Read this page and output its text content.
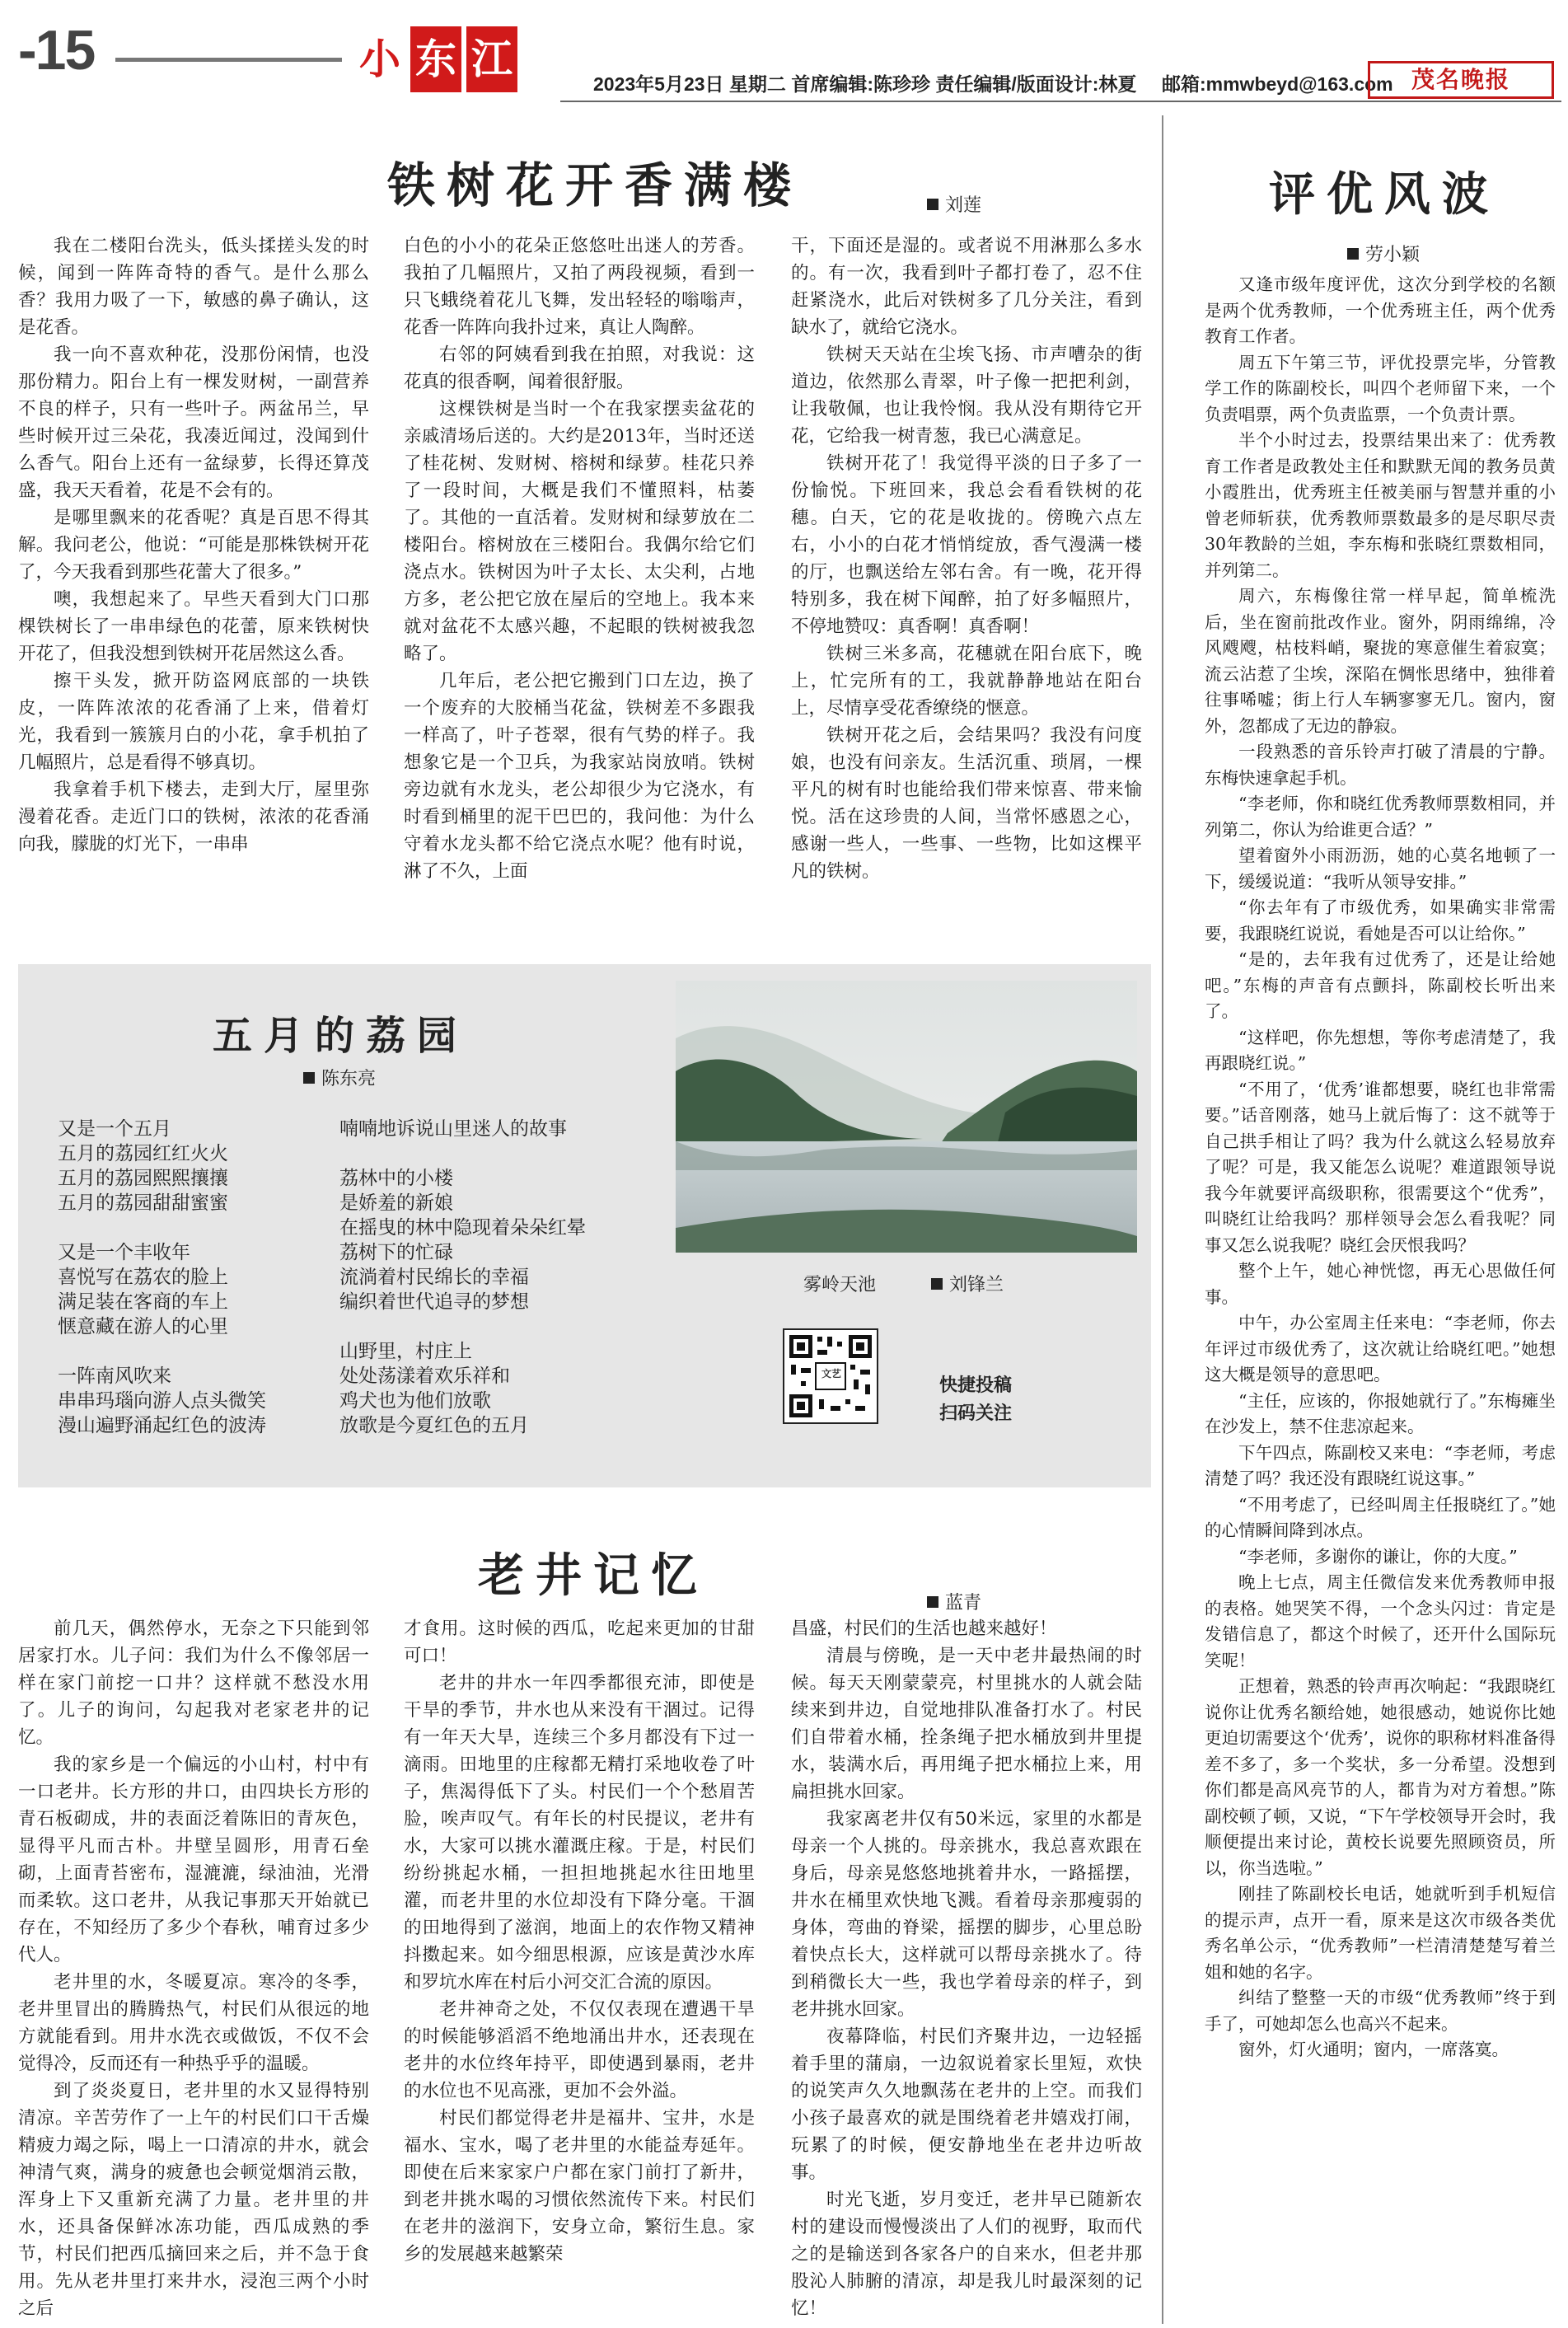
-15	小 东 江
2023年5月23日 星期二 首席编辑:陈珍珍 责任编辑/版面设计:林夏 邮箱:mmwbeyd@163.com 茂名晚报
铁树花开香满楼	刘莲

我在二楼阳台洗头，低头揉搓头发的时候，闻到一阵阵奇特的香气。是什么那么香？我用力吸了一下，敏感的鼻子确认，这是花香。

我一向不喜欢种花，没那份闲情，也没那份精力。阳台上有一棵发财树，一副营养不良的样子，只有一些叶子。两盆吊兰，早些时候开过三朵花，我凑近闻过，没闻到什么香气。阳台上还有一盆绿萝，长得还算茂盛，我天天看着，花是不会有的。

是哪里飘来的花香呢？真是百思不得其解。我问老公，他说：“可能是那株铁树开花了，今天我看到那些花蕾大了很多。”

噢，我想起来了。早些天看到大门口那棵铁树长了一串串绿色的花蕾，原来铁树快开花了，但我没想到铁树开花居然这么香。

擦干头发，掀开防盗网底部的一块铁皮，一阵阵浓浓的花香涌了上来，借着灯光，我看到一簇簇月白的小花，拿手机拍了几幅照片，总是看得不够真切。

我拿着手机下楼去，走到大厅，屋里弥漫着花香。走近门口的铁树，浓浓的花香涌向我，朦胧的灯光下，一串串

白色的小小的花朵正悠悠吐出迷人的芳香。我拍了几幅照片，又拍了两段视频，看到一只飞蛾绕着花儿飞舞，发出轻轻的嗡嗡声，花香一阵阵向我扑过来，真让人陶醉。

右邻的阿姨看到我在拍照，对我说：这花真的很香啊，闻着很舒服。

这棵铁树是当时一个在我家摆卖盆花的亲戚清场后送的。大约是2013年，当时还送了桂花树、发财树、榕树和绿萝。桂花只养了一段时间，大概是我们不懂照料，枯萎了。其他的一直活着。发财树和绿萝放在二楼阳台。榕树放在三楼阳台。我偶尔给它们浇点水。铁树因为叶子太长、太尖利，占地方多，老公把它放在屋后的空地上。我本来就对盆花不太感兴趣，不起眼的铁树被我忽略了。

几年后，老公把它搬到门口左边，换了一个废弃的大胶桶当花盆，铁树差不多跟我一样高了，叶子苍翠，很有气势的样子。我想象它是一个卫兵，为我家站岗放哨。铁树旁边就有水龙头，老公却很少为它浇水，有时看到桶里的泥干巴巴的，我问他：为什么守着水龙头都不给它浇点水呢？他有时说，淋了不久，上面

干，下面还是湿的。或者说不用淋那么多水的。有一次，我看到叶子都打卷了，忍不住赶紧浇水，此后对铁树多了几分关注，看到缺水了，就给它浇水。

铁树天天站在尘埃飞扬、市声嘈杂的街道边，依然那么青翠，叶子像一把把利剑，让我敬佩，也让我怜悯。我从没有期待它开花，它给我一树青葱，我已心满意足。

铁树开花了！我觉得平淡的日子多了一份愉悦。下班回来，我总会看看铁树的花穗。白天，它的花是收拢的。傍晚六点左右，小小的白花才悄悄绽放，香气漫满一楼的厅，也飘送给左邻右舍。有一晚，花开得特别多，我在树下闻醉，拍了好多幅照片，不停地赞叹：真香啊！真香啊！

铁树三米多高，花穗就在阳台底下，晚上，忙完所有的工，我就静静地站在阳台上，尽情享受花香缭绕的惬意。

铁树开花之后，会结果吗？我没有问度娘，也没有问亲友。生活沉重、琐屑，一棵平凡的树有时也能给我们带来惊喜、带来愉悦。活在这珍贵的人间，当常怀感恩之心，感谢一些人，一些事、一些物，比如这棵平凡的铁树。

五月的荔园
陈东亮

又是一个五月

五月的荔园红红火火

五月的荔园熙熙攘攘

五月的荔园甜甜蜜蜜

又是一个丰收年

喜悦写在荔农的脸上

满足装在客商的车上

惬意藏在游人的心里

一阵南风吹来

串串玛瑙向游人点头微笑

漫山遍野涌起红色的波涛

喃喃地诉说山里迷人的故事

荔林中的小楼

是娇羞的新娘

在摇曳的林中隐现着朵朵红晕

荔树下的忙碌

流淌着村民绵长的幸福

编织着世代追寻的梦想

山野里，村庄上

处处荡漾着欢乐祥和

鸡犬也为他们放歌

放歌是今夏红色的五月

雾岭天池	刘锋兰
文艺
快捷投稿
扫码关注
老井记忆	蓝青

前几天，偶然停水，无奈之下只能到邻居家打水。儿子问：我们为什么不像邻居一样在家门前挖一口井？这样就不愁没水用了。儿子的询问，勾起我对老家老井的记忆。

我的家乡是一个偏远的小山村，村中有一口老井。长方形的井口，由四块长方形的青石板砌成，井的表面泛着陈旧的青灰色，显得平凡而古朴。井壁呈圆形，用青石垒砌，上面青苔密布，湿漉漉，绿油油，光滑而柔软。这口老井，从我记事那天开始就已存在，不知经历了多少个春秋，哺育过多少代人。

老井里的水，冬暖夏凉。寒冷的冬季，老井里冒出的腾腾热气，村民们从很远的地方就能看到。用井水洗衣或做饭，不仅不会觉得冷，反而还有一种热乎乎的温暖。

到了炎炎夏日，老井里的水又显得特别清凉。辛苦劳作了一上午的村民们口干舌燥精疲力竭之际，喝上一口清凉的井水，就会神清气爽，满身的疲惫也会顿觉烟消云散，浑身上下又重新充满了力量。老井里的井水，还具备保鲜冰冻功能，西瓜成熟的季节，村民们把西瓜摘回来之后，并不急于食用。先从老井里打来井水，浸泡三两个小时之后

才食用。这时候的西瓜，吃起来更加的甘甜可口！

老井的井水一年四季都很充沛，即使是干旱的季节，井水也从来没有干涸过。记得有一年天大旱，连续三个多月都没有下过一滴雨。田地里的庄稼都无精打采地收卷了叶子，焦渴得低下了头。村民们一个个愁眉苦脸，唉声叹气。有年长的村民提议，老井有水，大家可以挑水灌溉庄稼。于是，村民们纷纷挑起水桶，一担担地挑起水往田地里灌，而老井里的水位却没有下降分毫。干涸的田地得到了滋润，地面上的农作物又精神抖擞起来。如今细思根源，应该是黄沙水库和罗坑水库在村后小河交汇合流的原因。

老井神奇之处，不仅仅表现在遭遇干旱的时候能够滔滔不绝地涌出井水，还表现在老井的水位终年持平，即使遇到暴雨，老井的水位也不见高涨，更加不会外溢。

村民们都觉得老井是福井、宝井，水是福水、宝水，喝了老井里的水能益寿延年。即使在后来家家户户都在家门前打了新井，到老井挑水喝的习惯依然流传下来。村民们在老井的滋润下，安身立命，繁衍生息。家乡的发展越来越繁荣

昌盛，村民们的生活也越来越好！

清晨与傍晚，是一天中老井最热闹的时候。每天天刚蒙蒙亮，村里挑水的人就会陆续来到井边，自觉地排队准备打水了。村民们自带着水桶，拴条绳子把水桶放到井里提水，装满水后，再用绳子把水桶拉上来，用扁担挑水回家。

我家离老井仅有50米远，家里的水都是母亲一个人挑的。母亲挑水，我总喜欢跟在身后，母亲晃悠悠地挑着井水，一路摇摆，井水在桶里欢快地飞溅。看着母亲那瘦弱的身体，弯曲的脊梁，摇摆的脚步，心里总盼着快点长大，这样就可以帮母亲挑水了。待到稍微长大一些，我也学着母亲的样子，到老井挑水回家。

夜幕降临，村民们齐聚井边，一边轻摇着手里的蒲扇，一边叙说着家长里短，欢快的说笑声久久地飘荡在老井的上空。而我们小孩子最喜欢的就是围绕着老井嬉戏打闹，玩累了的时候，便安静地坐在老井边听故事。

时光飞逝，岁月变迁，老井早已随新农村的建设而慢慢淡出了人们的视野，取而代之的是输送到各家各户的自来水，但老井那股沁人肺腑的清凉，却是我儿时最深刻的记忆！

评优风波
劳小颖

又逢市级年度评优，这次分到学校的名额是两个优秀教师，一个优秀班主任，两个优秀教育工作者。

周五下午第三节，评优投票完毕，分管教学工作的陈副校长，叫四个老师留下来，一个负责唱票，两个负责监票，一个负责计票。

半个小时过去，投票结果出来了：优秀教育工作者是政教处主任和默默无闻的教务员黄小霞胜出，优秀班主任被美丽与智慧并重的小曾老师斩获，优秀教师票数最多的是尽职尽责30年教龄的兰姐，李东梅和张晓红票数相同，并列第二。

周六，东梅像往常一样早起，简单梳洗后，坐在窗前批改作业。窗外，阴雨绵绵，冷风飕飕，枯枝料峭，聚拢的寒意催生着寂寞；流云沾惹了尘埃，深陷在惆怅思绪中，独徘着往事唏嘘；街上行人车辆寥寥无几。窗内，窗外，忽都成了无边的静寂。

一段熟悉的音乐铃声打破了清晨的宁静。东梅快速拿起手机。

“李老师，你和晓红优秀教师票数相同，并列第二，你认为给谁更合适？”

望着窗外小雨沥沥，她的心莫名地顿了一下，缓缓说道：“我听从领导安排。”

“你去年有了市级优秀，如果确实非常需要，我跟晓红说说，看她是否可以让给你。”

“是的，去年我有过优秀了，还是让给她吧。”东梅的声音有点颤抖，陈副校长听出来了。

“这样吧，你先想想，等你考虑清楚了，我再跟晓红说。”

“不用了，‘优秀’谁都想要，晓红也非常需要。”话音刚落，她马上就后悔了：这不就等于自己拱手相让了吗？我为什么就这么轻易放弃了呢？可是，我又能怎么说呢？难道跟领导说我今年就要评高级职称，很需要这个“优秀”，叫晓红让给我吗？那样领导会怎么看我呢？同事又怎么说我呢？晓红会厌恨我吗？

整个上午，她心神恍惚，再无心思做任何事。

中午，办公室周主任来电：“李老师，你去年评过市级优秀了，这次就让给晓红吧。”她想这大概是领导的意思吧。

“主任，应该的，你报她就行了。”东梅瘫坐在沙发上，禁不住悲凉起来。

下午四点，陈副校又来电：“李老师，考虑清楚了吗？我还没有跟晓红说这事。”

“不用考虑了，已经叫周主任报晓红了。”她的心情瞬间降到冰点。

“李老师，多谢你的谦让，你的大度。”

晚上七点，周主任微信发来优秀教师申报的表格。她哭笑不得，一个念头闪过：肯定是发错信息了，都这个时候了，还开什么国际玩笑呢！

正想着，熟悉的铃声再次响起：“我跟晓红说你让优秀名额给她，她很感动，她说你比她更迫切需要这个‘优秀’，说你的职称材料准备得差不多了，多一个奖状，多一分希望。没想到你们都是高风亮节的人，都肯为对方着想。”陈副校顿了顿，又说，“下午学校领导开会时，我顺便提出来讨论，黄校长说要先照顾资员，所以，你当选啦。”

刚挂了陈副校长电话，她就听到手机短信的提示声，点开一看，原来是这次市级各类优秀名单公示，“优秀教师”一栏清清楚楚写着兰姐和她的名字。

纠结了整整一天的市级“优秀教师”终于到手了，可她却怎么也高兴不起来。

窗外，灯火通明；窗内，一席落寞。
